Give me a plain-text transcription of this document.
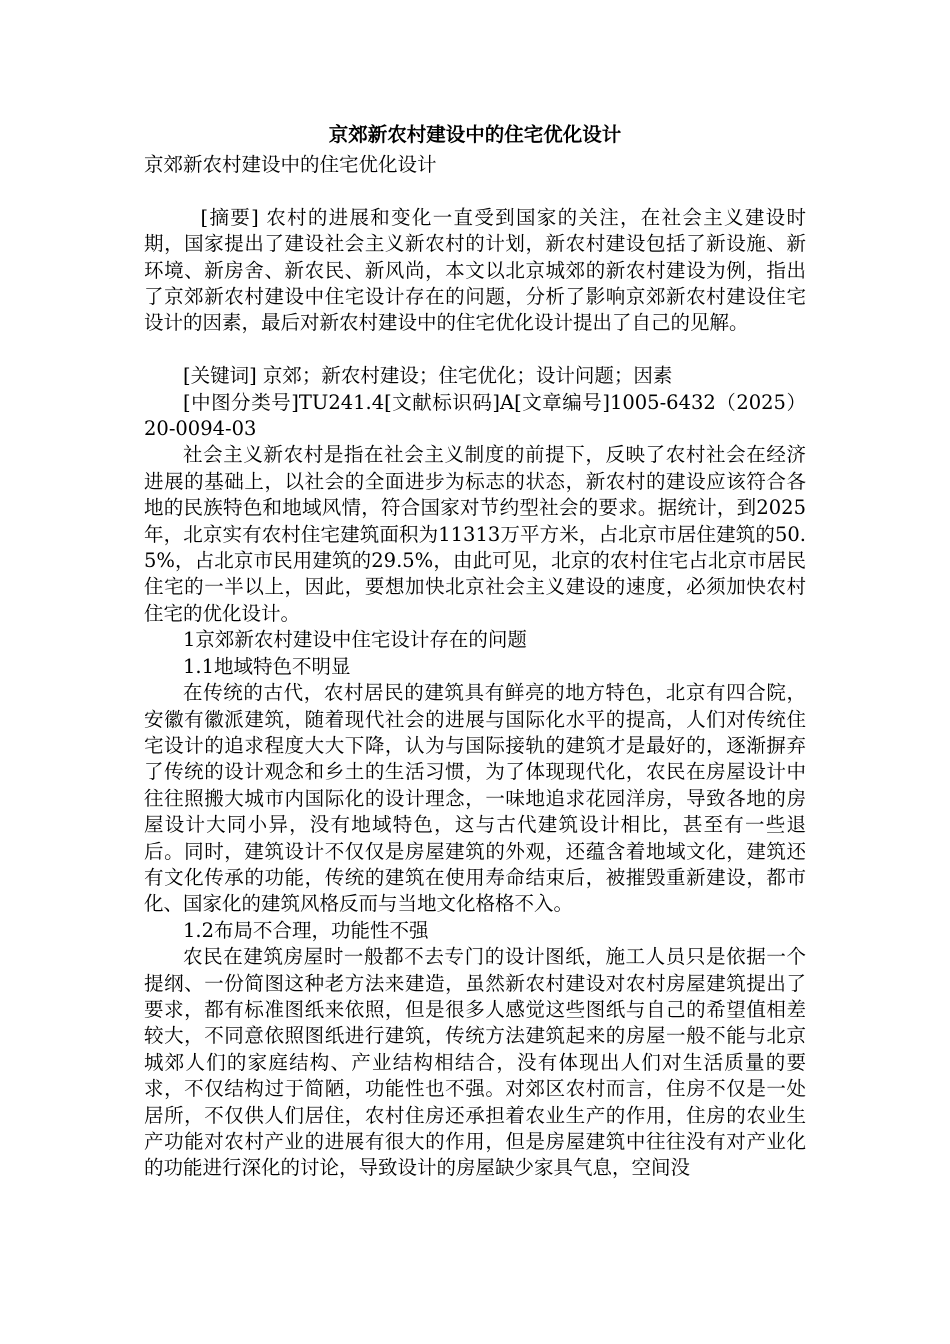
京郊新农村建设中的住宅优化设计

京郊新农村建设中的住宅优化设计

[摘要] 农村的进展和变化一直受到国家的关注，在社会主义建设时期，国家提出了建设社会主义新农村的计划，新农村建设包括了新设施、新环境、新房舍、新农民、新风尚，本文以北京城郊的新农村建设为例，指出了京郊新农村建设中住宅设计存在的问题，分析了影响京郊新农村建设住宅设计的因素，最后对新农村建设中的住宅优化设计提出了自己的见解。

[关键词] 京郊；新农村建设；住宅优化；设计问题；因素

[中图分类号]TU241.4[文献标识码]A[文章编号]1005-6432（2025）20-0094-03

社会主义新农村是指在社会主义制度的前提下，反映了农村社会在经济进展的基础上，以社会的全面进步为标志的状态，新农村的建设应该符合各地的民族特色和地域风情，符合国家对节约型社会的要求。据统计，到2025年，北京实有农村住宅建筑面积为11313万平方米，占北京市居住建筑的50.5%，占北京市民用建筑的29.5%，由此可见，北京的农村住宅占北京市居民住宅的一半以上，因此，要想加快北京社会主义建设的速度，必须加快农村住宅的优化设计。

1京郊新农村建设中住宅设计存在的问题

1.1地域特色不明显

在传统的古代，农村居民的建筑具有鲜亮的地方特色，北京有四合院，安徽有徽派建筑，随着现代社会的进展与国际化水平的提高，人们对传统住宅设计的追求程度大大下降，认为与国际接轨的建筑才是最好的，逐渐摒弃了传统的设计观念和乡土的生活习惯，为了体现现代化，农民在房屋设计中往往照搬大城市内国际化的设计理念，一味地追求花园洋房，导致各地的房屋设计大同小异，没有地域特色，这与古代建筑设计相比，甚至有一些退后。同时，建筑设计不仅仅是房屋建筑的外观，还蕴含着地域文化，建筑还有文化传承的功能，传统的建筑在使用寿命结束后，被摧毁重新建设，都市化、国家化的建筑风格反而与当地文化格格不入。

1.2布局不合理，功能性不强

农民在建筑房屋时一般都不去专门的设计图纸，施工人员只是依据一个提纲、一份简图这种老方法来建造，虽然新农村建设对农村房屋建筑提出了要求，都有标准图纸来依照，但是很多人感觉这些图纸与自己的希望值相差较大，不同意依照图纸进行建筑，传统方法建筑起来的房屋一般不能与北京城郊人们的家庭结构、产业结构相结合，没有体现出人们对生活质量的要求，不仅结构过于简陋，功能性也不强。对郊区农村而言，住房不仅是一处居所，不仅供人们居住，农村住房还承担着农业生产的作用，住房的农业生产功能对农村产业的进展有很大的作用，但是房屋建筑中往往没有对产业化的功能进行深化的讨论，导致设计的房屋缺少家具气息，空间没
